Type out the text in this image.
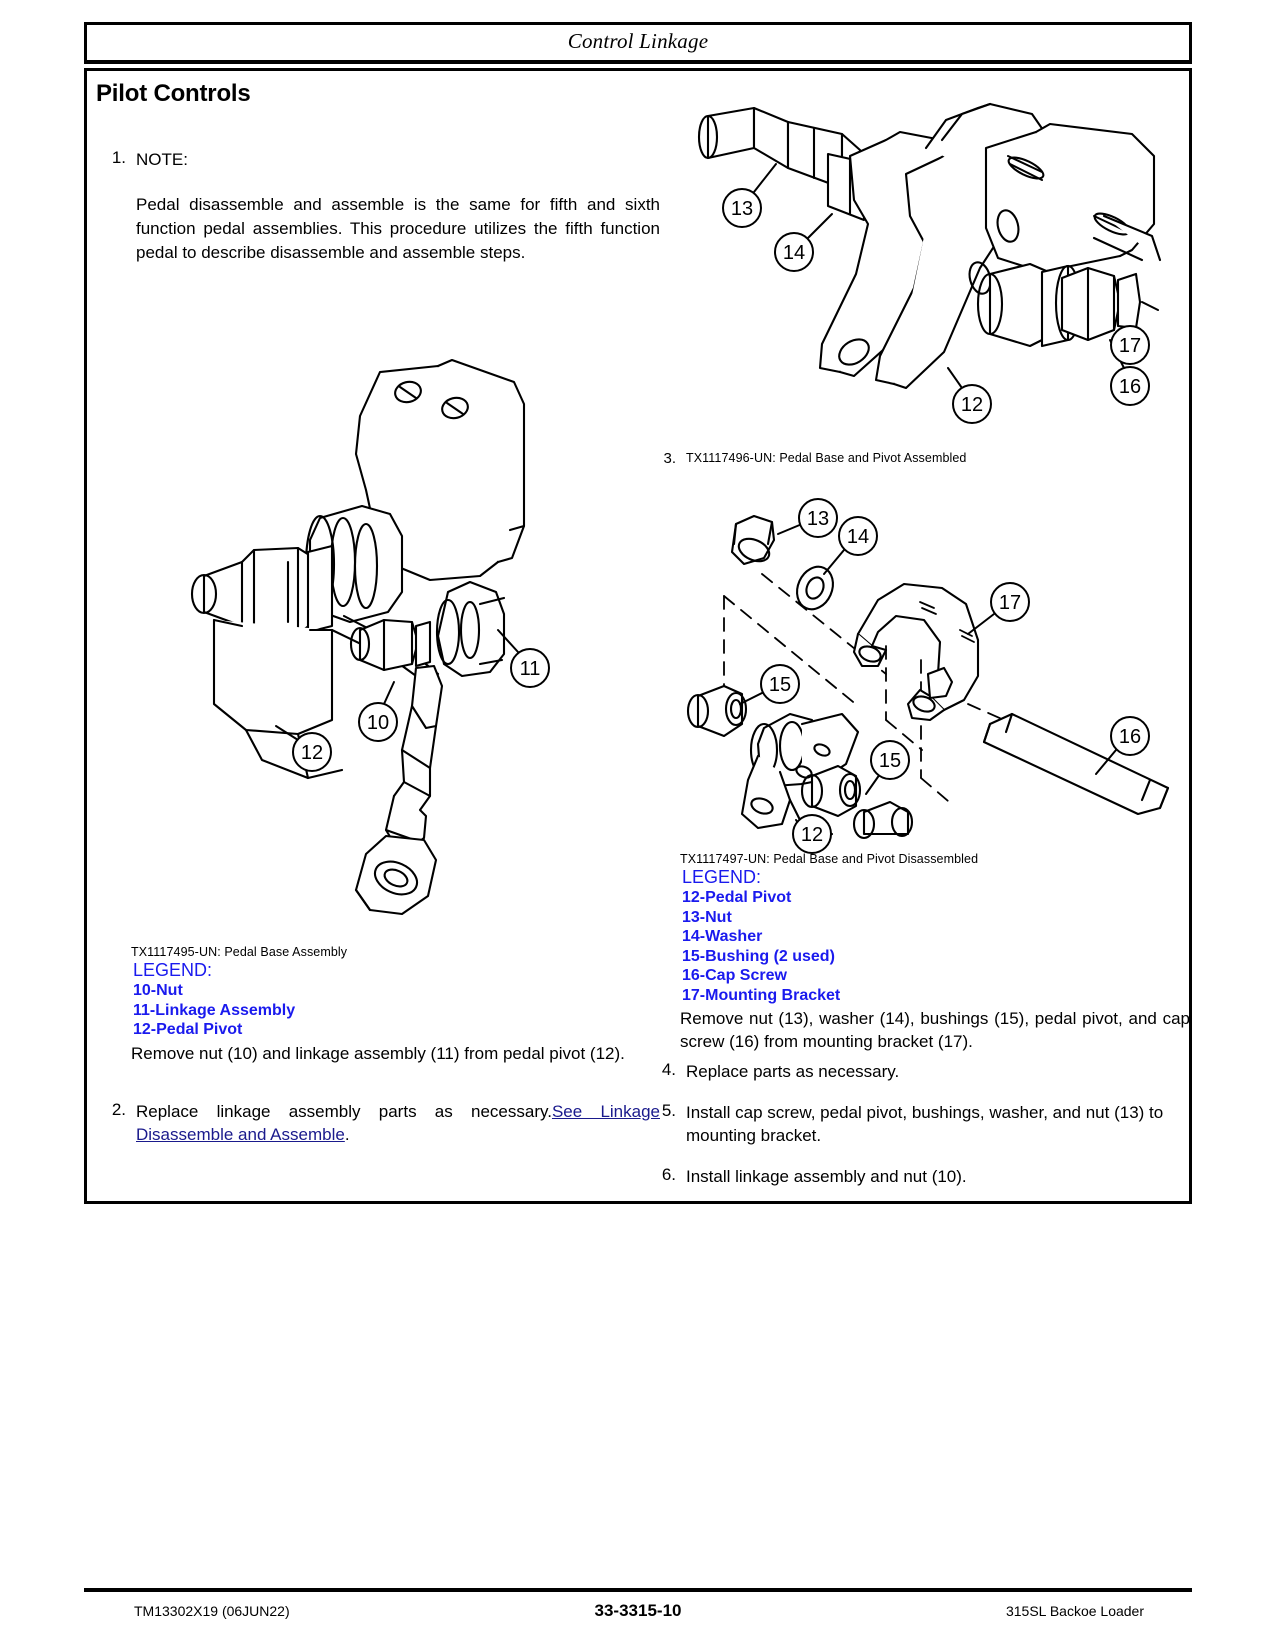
Control Linkage
Pilot Controls
1. NOTE:
Pedal disassemble and assemble is the same for fifth and sixth function pedal assemblies. This procedure utilizes the fifth function pedal to describe disassemble and assemble steps.
10
11
12
TX1117495-UN: Pedal Base Assembly
LEGEND:
10-Nut
11-Linkage Assembly
12-Pedal Pivot
Remove nut (10) and linkage assembly (11) from pedal pivot (12).
2. Replace linkage assembly parts as necessary.See Linkage Disassemble and Assemble.
13
14
12
16
17
3. TX1117496-UN: Pedal Base and Pivot Assembled
13
14
17
15
15
12
16
TX1117497-UN: Pedal Base and Pivot Disassembled
LEGEND:
12-Pedal Pivot
13-Nut
14-Washer
15-Bushing (2 used)
16-Cap Screw
17-Mounting Bracket
Remove nut (13), washer (14), bushings (15), pedal pivot, and cap screw (16) from mounting bracket (17).
4. Replace parts as necessary.
5. Install cap screw, pedal pivot, bushings, washer, and nut (13) to mounting bracket.
6. Install linkage assembly and nut (10).
TM13302X19 (06JUN22)	33-3315-10	315SL Backoe Loader
